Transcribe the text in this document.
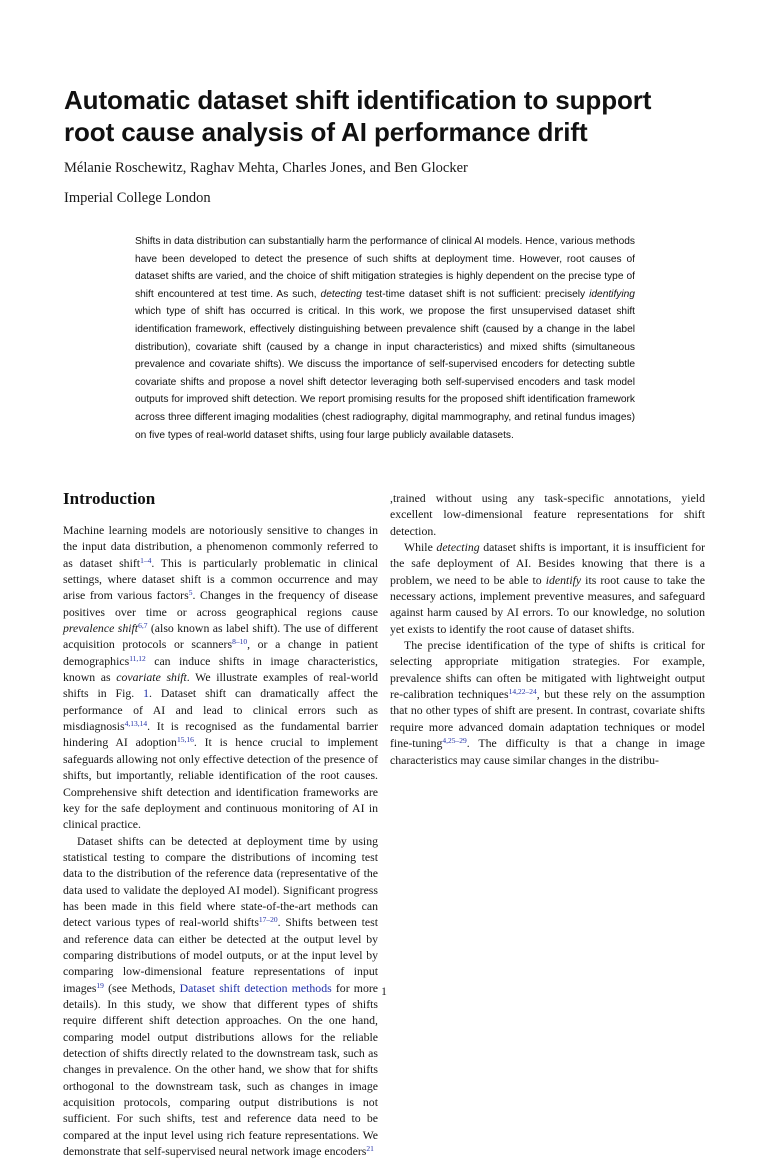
Automatic dataset shift identification to support root cause analysis of AI performance drift
Mélanie Roschewitz, Raghav Mehta, Charles Jones, and Ben Glocker
Imperial College London

Shifts in data distribution can substantially harm the performance of clinical AI models. Hence, various methods have been developed to detect the presence of such shifts at deployment time. However, root causes of dataset shifts are varied, and the choice of shift mitigation strategies is highly dependent on the precise type of shift encountered at test time. As such, detecting test-time dataset shift is not sufficient: precisely identifying which type of shift has occurred is critical. In this work, we propose the first unsupervised dataset shift identification framework, effectively distinguishing between prevalence shift (caused by a change in the label distribution), covariate shift (caused by a change in input characteristics) and mixed shifts (simultaneous prevalence and covariate shifts). We discuss the importance of self-supervised encoders for detecting subtle covariate shifts and propose a novel shift detector leveraging both self-supervised encoders and task model outputs for improved shift detection. We report promising results for the proposed shift identification framework across three different imaging modalities (chest radiography, digital mammography, and retinal fundus images) on five types of real-world dataset shifts, using four large publicly available datasets.

Introduction

Machine learning models are notoriously sensitive to changes in the input data distribution, a phenomenon commonly referred to as dataset shift$^{1-4}$. This is particularly problematic in clinical settings, where dataset shift is a common occurrence and may arise from various factors$^5$. Changes in the frequency of disease positives over time or across geographical regions cause prevalence shift$^{6,7}$ (also known as label shift). The use of different acquisition protocols or scanners$^{8-10}$, or a change in patient demographics$^{11,12}$ can induce shifts in image characteristics, known as covariate shift. We illustrate examples of real-world shifts in Fig. 1. Dataset shift can dramatically affect the performance of AI and lead to clinical errors such as misdiagnosis$^{4,13,14}$. It is recognised as the fundamental barrier hindering AI adoption$^{15,16}$. It is hence crucial to implement safeguards allowing not only effective detection of the presence of shifts, but importantly, reliable identification of the root causes. Comprehensive shift detection and identification frameworks are key for the safe deployment and continuous monitoring of AI in clinical practice.

Dataset shifts can be detected at deployment time by using statistical testing to compare the distributions of incoming test data to the distribution of the reference data (representative of the data used to validate the deployed AI model). Significant progress has been made in this field where state-of-the-art methods can detect various types of real-world shifts$^{17-20}$. Shifts between test and reference data can either be detected at the output level by comparing distributions of model outputs, or at the input level by comparing low-dimensional feature representations of input images$^{19}$ (see Methods, Dataset shift detection methods for more details). In this study, we show that different types of shifts require different shift detection approaches. On the one hand, comparing model output distributions allows for the reliable detection of shifts directly related to the downstream task, such as changes in prevalence. On the other hand, we show that for shifts orthogonal to the downstream task, such as changes in image acquisition protocols, comparing output distributions is not sufficient. For such shifts, test and reference data need to be compared at the input level using rich feature representations. We demonstrate that self-supervised neural network image encoders$^{21}$

,trained without using any task-specific annotations, yield excellent low-dimensional feature representations for shift detection.

While detecting dataset shifts is important, it is insufficient for the safe deployment of AI. Besides knowing that there is a problem, we need to be able to identify its root cause to take the necessary actions, implement preventive measures, and safeguard against harm caused by AI errors. To our knowledge, no solution yet exists to identify the root cause of dataset shifts.

The precise identification of the type of shifts is critical for selecting appropriate mitigation strategies. For example, prevalence shifts can often be mitigated with lightweight output re-calibration techniques$^{14,22-24}$, but these rely on the assumption that no other types of shift are present. In contrast, covariate shifts require more advanced domain adaptation techniques or model fine-tuning$^{4,25-29}$. The difficulty is that a change in image characteristics may cause similar changes in the distribu-

1
